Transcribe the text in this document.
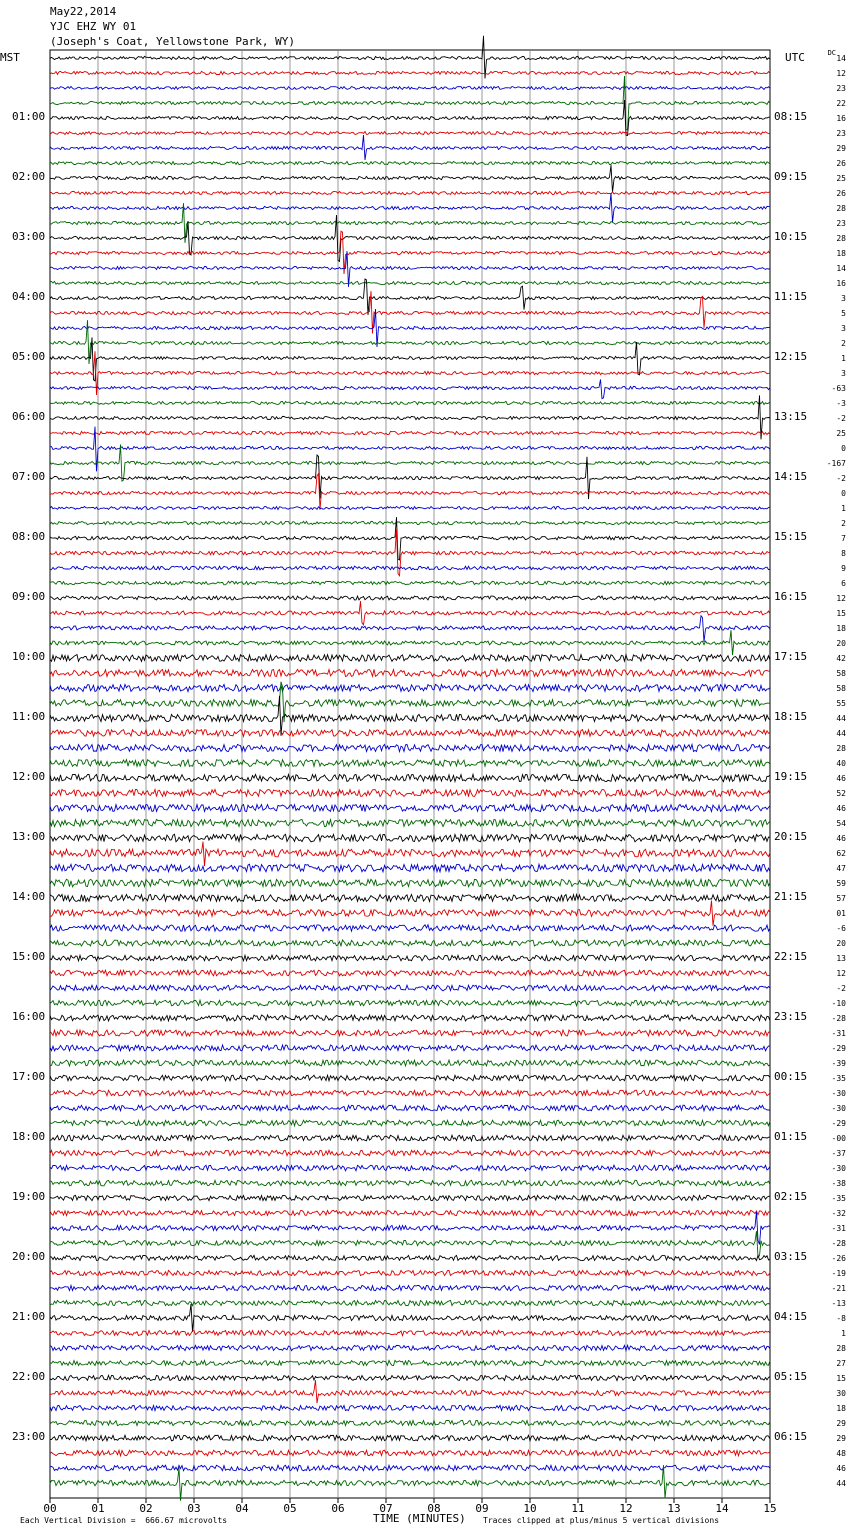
May22,2014
YJC EHZ WY 01
(Joseph's Coat, Yellowstone Park, WY)
MST	UTC	DC
00	01	02	03	04	05	06	07	08	09	10	11	12	13	14	15
01:00
02:00
03:00
04:00
05:00
06:00
07:00
08:00
09:00
10:00
11:00
12:00
13:00
14:00
15:00
16:00
17:00
18:00
19:00
20:00
21:00
22:00
23:00
08:15
09:15
10:15
11:15
12:15
13:15
14:15
15:15
16:15
17:15
18:15
19:15
20:15
21:15
22:15
23:15
00:15
01:15
02:15
03:15
04:15
05:15
06:15
14
12
23
22
16
23
29
26
25
26
28
23
28
18
14
16
3
5
3
2
1
3
-63
-3
-2
25
0
-167
-2
0
1
2
7
8
9
6
12
15
18
20
42
58
58
55
44
44
28
40
46
52
46
54
46
62
47
59
57
01
-6
20
13
12
-2
-10
-28
-31
-29
-39
-35
-30
-30
-29
-00
-37
-30
-38
-35
-32
-31
-28
-26
-19
-21
-13
-8
1
28
27
15
30
18
29
29
48
46
44
Each Vertical Division =  666.67 microvolts	TIME (MINUTES) Traces clipped at plus/minus 5 vertical divisions
